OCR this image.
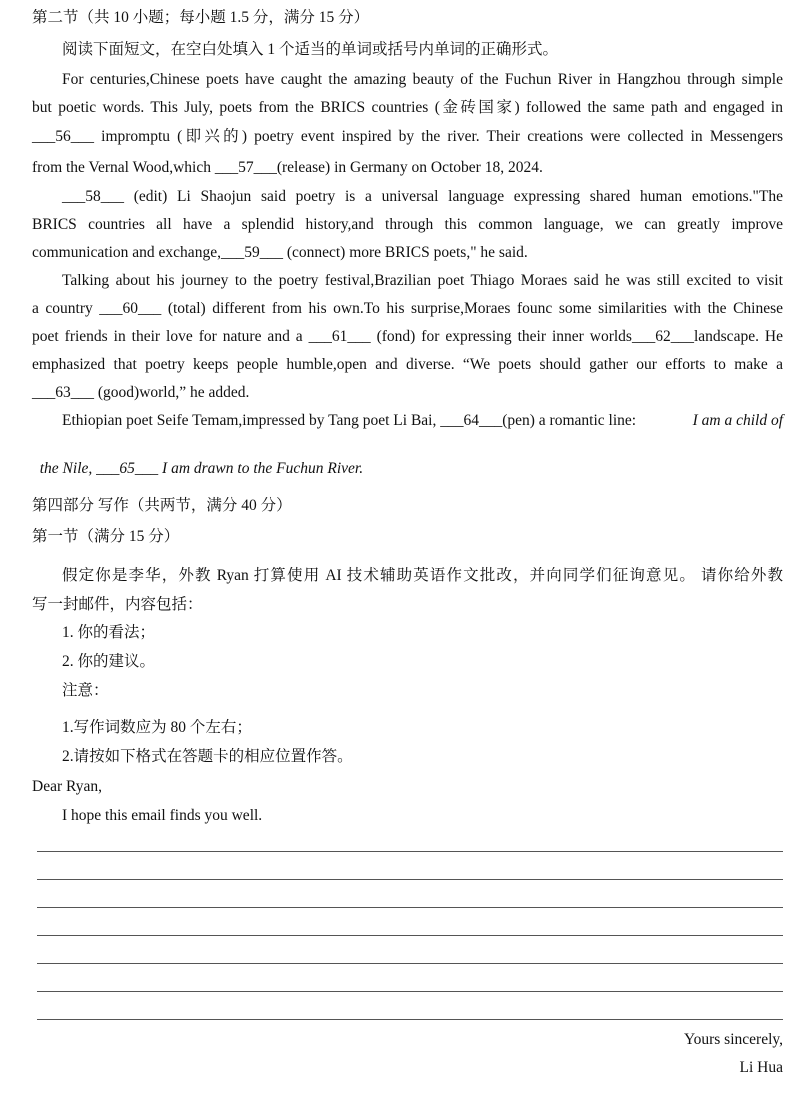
第二节（共 10 小题；每小题 1.5 分，满分 15 分）
阅读下面短文，在空白处填入 1 个适当的单词或括号内单词的正确形式。
For centuries,Chinese poets have caught the amazing beauty of the Fuchun River in Hangzhou through simple
but poetic words. This July, poets from the BRICS countries (金砖国家) followed the same path and engaged in
___56___ impromptu (即兴的) poetry event inspired by the river. Their creations were collected in Messengers
from the Vernal Wood,which ___57___(release) in Germany on October 18, 2024.
___58___ (edit) Li Shaojun said poetry is a universal language expressing shared human emotions."The
BRICS countries all have a splendid history,and through this common language, we can greatly improve
communication and exchange,___59___ (connect) more BRICS poets," he said.
Talking about his journey to the poetry festival,Brazilian poet Thiago Moraes said he was still excited to visit
a country ___60___ (total) different from his own.To his surprise,Moraes founc some similarities with the Chinese
poet friends in their love for nature and a ___61___ (fond) for expressing their inner worlds___62___landscape. He
emphasized that poetry keeps people humble,open and diverse. “We poets should gather our efforts to make a
___63___ (good)world,” he added.
Ethiopian poet Seife Temam,impressed by Tang poet Li Bai, ___64___(pen) a romantic line:	I am a child of

the Nile, ___65___ I am drawn to the Fuchun River.

第四部分 写作（共两节，满分 40 分）
第一节（满分 15 分）
假定你是李华，外教 Ryan 打算使用 AI 技术辅助英语作文批改，并向同学们征询意见。 请你给外教
写一封邮件，内容包括：
1. 你的看法；
2. 你的建议。
注意：
1.写作词数应为 80 个左右；
2.请按如下格式在答题卡的相应位置作答。
Dear Ryan,
I hope this email finds you well.
Yours sincerely,
Li Hua
